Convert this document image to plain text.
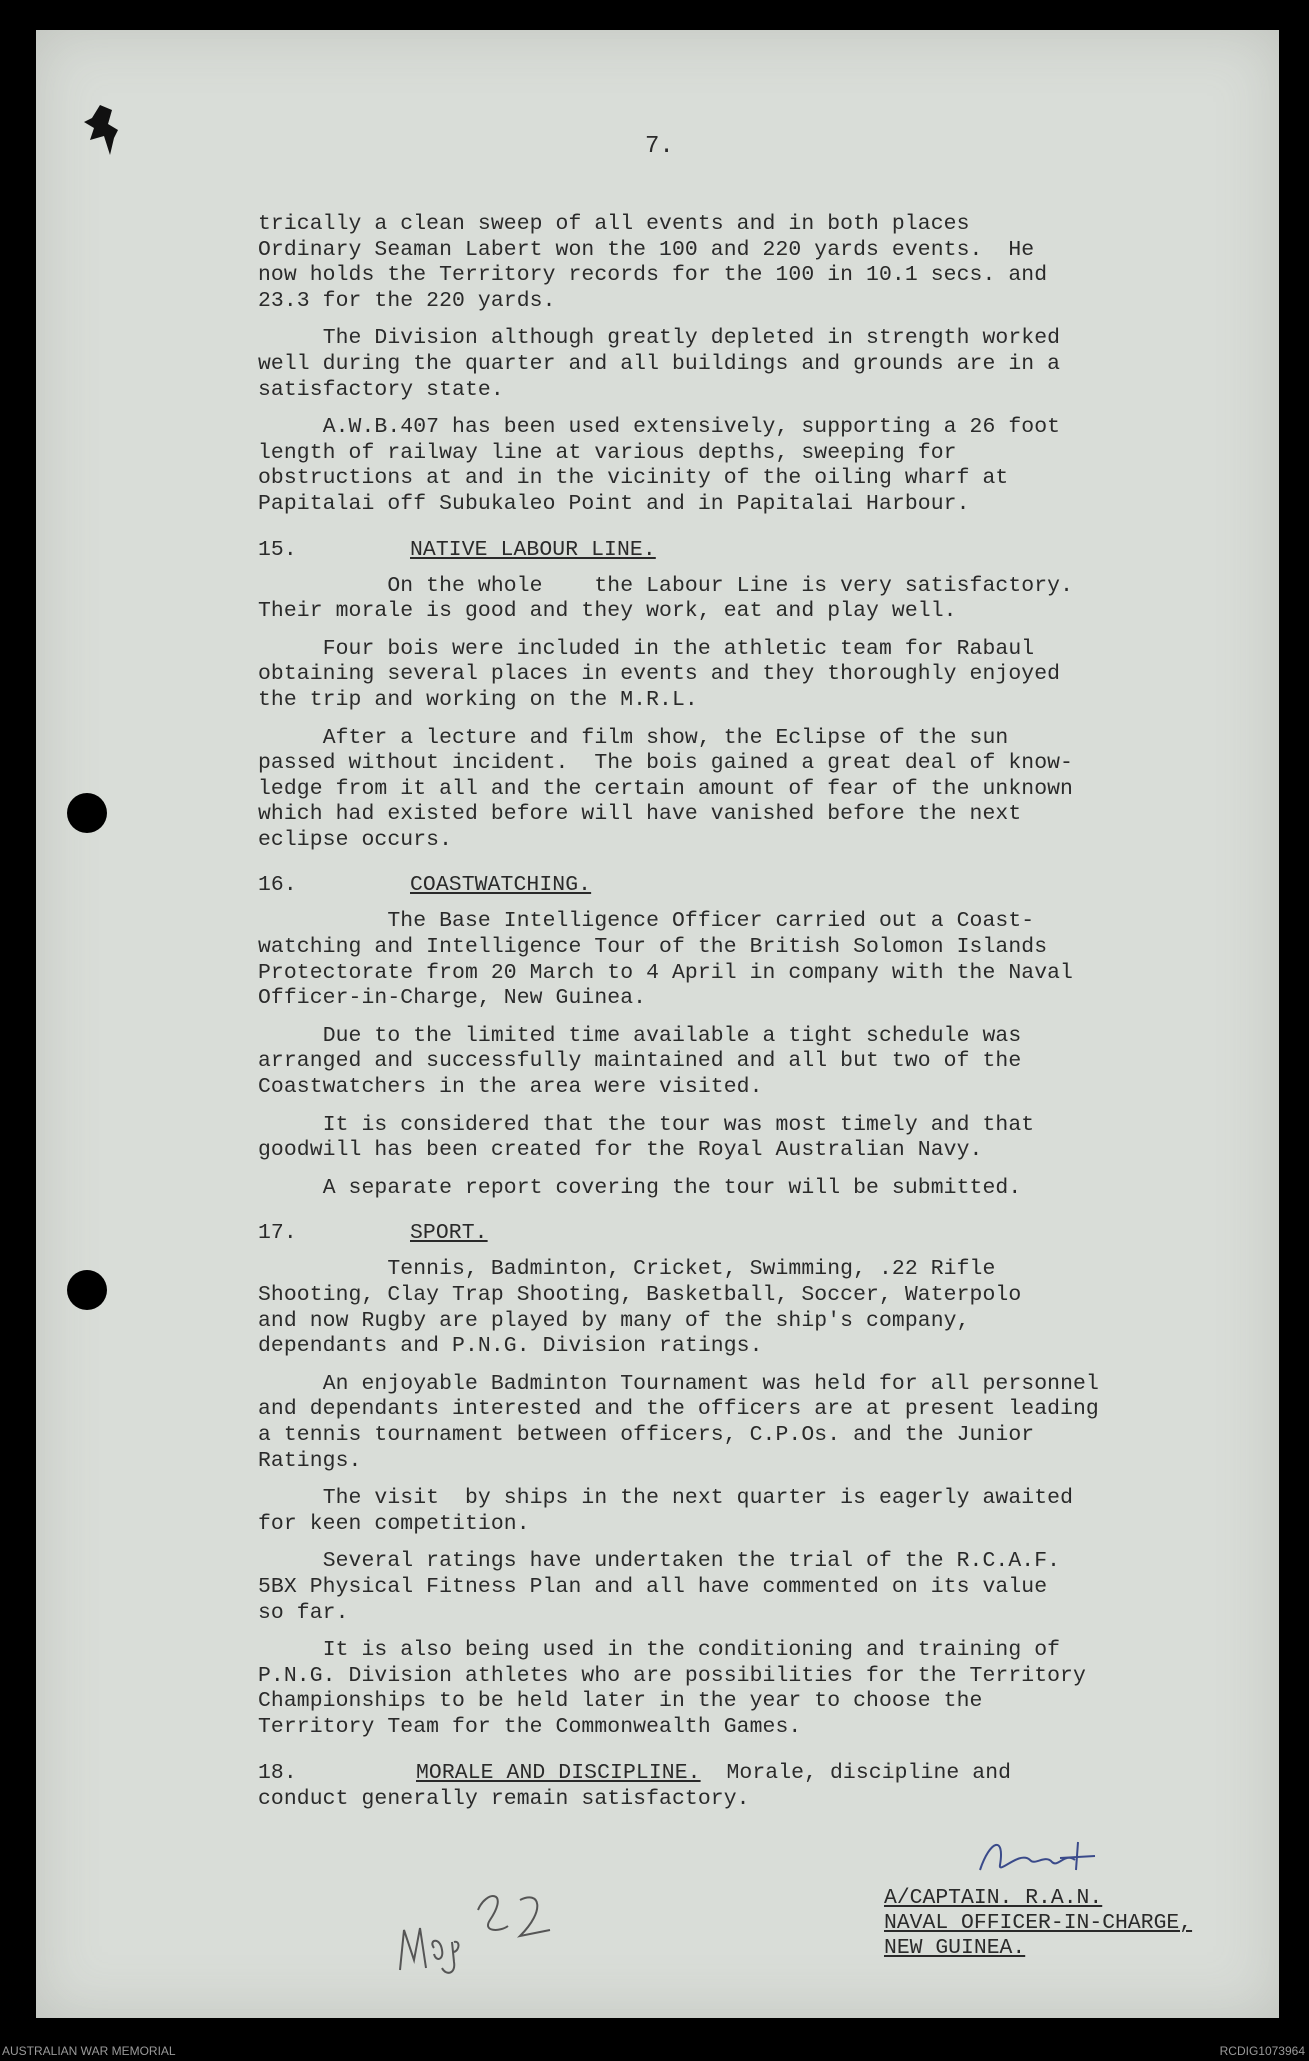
7.

trically a clean sweep of all events and in both places
Ordinary Seaman Labert won the 100 and 220 yards events.  He
now holds the Territory records for the 100 in 10.1 secs. and
23.3 for the 220 yards.

The Division although greatly depleted in strength worked
well during the quarter and all buildings and grounds are in a
satisfactory state.

A.W.B.407 has been used extensively, supporting a 26 foot
length of railway line at various depths, sweeping for
obstructions at and in the vicinity of the oiling wharf at
Papitalai off Subukaleo Point and in Papitalai Harbour.

15.	NATIVE LABOUR LINE.

On the whole    the Labour Line is very satisfactory.
Their morale is good and they work, eat and play well.

Four bois were included in the athletic team for Rabaul
obtaining several places in events and they thoroughly enjoyed
the trip and working on the M.R.L.

After a lecture and film show, the Eclipse of the sun
passed without incident.  The bois gained a great deal of know-
ledge from it all and the certain amount of fear of the unknown
which had existed before will have vanished before the next
eclipse occurs.

16.	COASTWATCHING.

The Base Intelligence Officer carried out a Coast-
watching and Intelligence Tour of the British Solomon Islands
Protectorate from 20 March to 4 April in company with the Naval
Officer-in-Charge, New Guinea.

Due to the limited time available a tight schedule was
arranged and successfully maintained and all but two of the
Coastwatchers in the area were visited.

It is considered that the tour was most timely and that
goodwill has been created for the Royal Australian Navy.

A separate report covering the tour will be submitted.

17.	SPORT.

Tennis, Badminton, Cricket, Swimming, .22 Rifle
Shooting, Clay Trap Shooting, Basketball, Soccer, Waterpolo
and now Rugby are played by many of the ship's company,
dependants and P.N.G. Division ratings.

An enjoyable Badminton Tournament was held for all personnel
and dependants interested and the officers are at present leading
a tennis tournament between officers, C.P.Os. and the Junior
Ratings.

The visit  by ships in the next quarter is eagerly awaited
for keen competition.

Several ratings have undertaken the trial of the R.C.A.F.
5BX Physical Fitness Plan and all have commented on its value
so far.

It is also being used in the conditioning and training of
P.N.G. Division athletes who are possibilities for the Territory
Championships to be held later in the year to choose the
Territory Team for the Commonwealth Games.

18.	MORALE AND DISCIPLINE.  Morale, discipline and

conduct generally remain satisfactory.

A/CAPTAIN. R.A.N.
NAVAL OFFICER-IN-CHARGE,
NEW GUINEA.
AUSTRALIAN WAR MEMORIAL	RCDIG1073964
